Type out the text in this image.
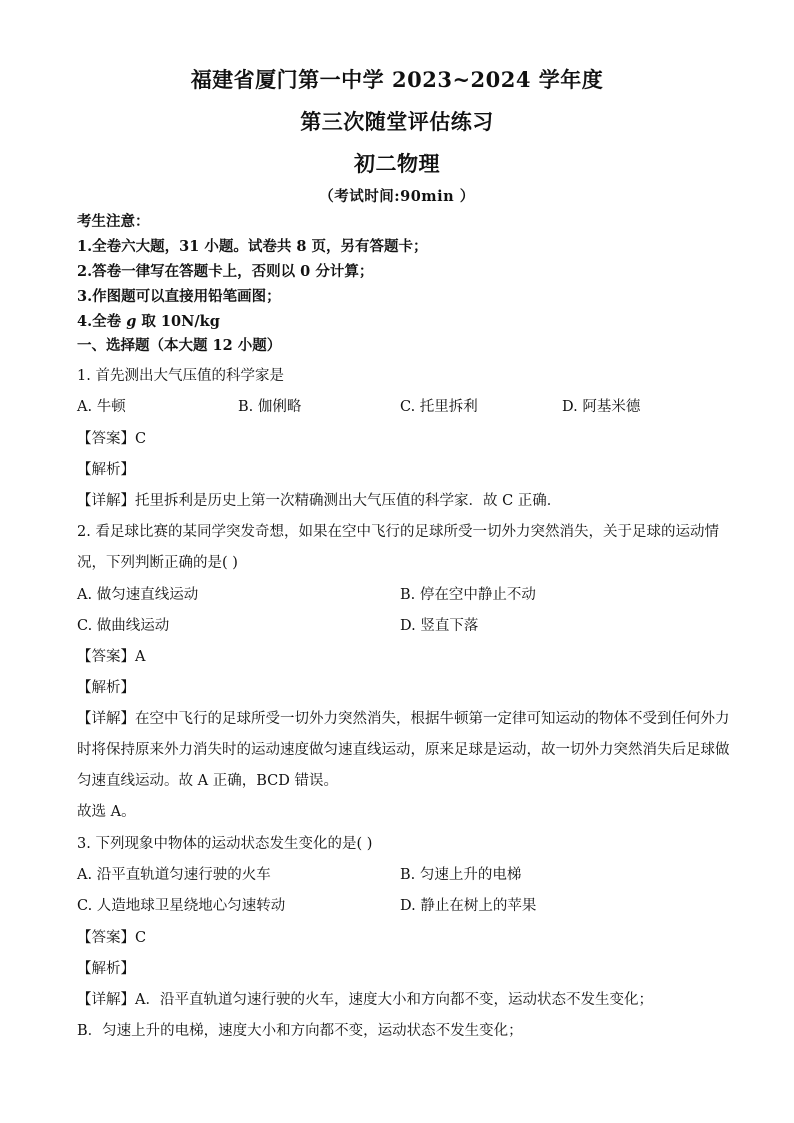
福建省厦门第一中学 2023~2024 学年度
第三次随堂评估练习
初二物理
（考试时间:90min ）
考生注意：
1.全卷六大题，31 小题。试卷共 8 页，另有答题卡；
2.答卷一律写在答题卡上，否则以 0 分计算；
3.作图题可以直接用铅笔画图；
4.全卷 g 取 10N/kg
一、选择题（本大题 12 小题）
1. 首先测出大气压值的科学家是
A. 牛顿	B. 伽俐略	C. 托里拆利	D. 阿基米德
【答案】C
【解析】
【详解】托里拆利是历史上第一次精确测出大气压值的科学家．故 C 正确．
2. 看足球比赛的某同学突发奇想，如果在空中飞行的足球所受一切外力突然消失，关于足球的运动情
况，下列判断正确的是( )
A. 做匀速直线运动	B. 停在空中静止不动
C. 做曲线运动	D. 竖直下落
【答案】A
【解析】
【详解】在空中飞行的足球所受一切外力突然消失，根据牛顿第一定律可知运动的物体不受到任何外力
时将保持原来外力消失时的运动速度做匀速直线运动，原来足球是运动，故一切外力突然消失后足球做
匀速直线运动。故 A 正确，BCD 错误。
故选 A。
3. 下列现象中物体的运动状态发生变化的是( )
A. 沿平直轨道匀速行驶的火车	B. 匀速上升的电梯
C. 人造地球卫星绕地心匀速转动	D. 静止在树上的苹果
【答案】C
【解析】
【详解】A．沿平直轨道匀速行驶的火车，速度大小和方向都不变，运动状态不发生变化；
B．匀速上升的电梯，速度大小和方向都不变，运动状态不发生变化；
